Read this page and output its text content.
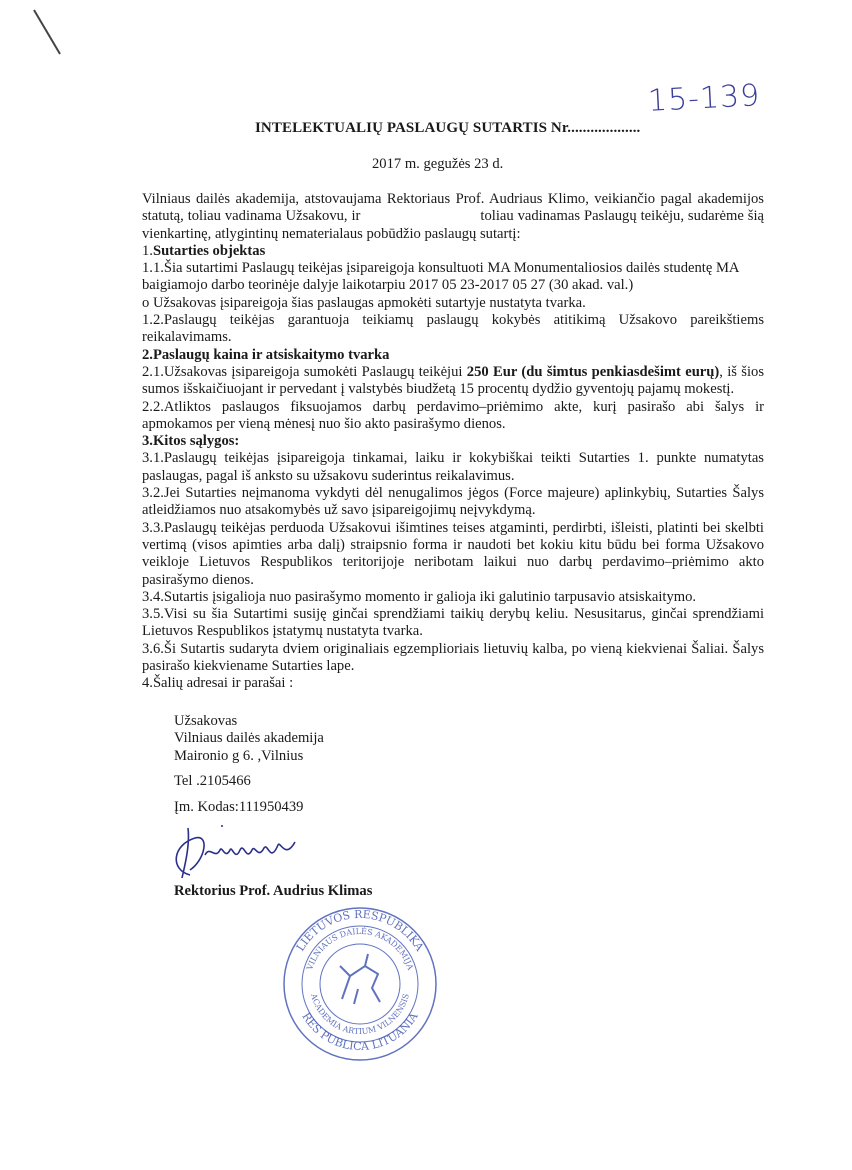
INTELEKTUALIŲ PASLAUGŲ SUTARTIS Nr...................
15-139
2017 m. gegužės 23 d.

Vilniaus dailės akademija, atstovaujama Rektoriaus Prof. Audriaus Klimo, veikiančio pagal akademijos statutą, toliau vadinama Užsakovu, ir	toliau vadinamas Paslaugų teikėju, sudarėme šią vienkartinę, atlygintinų nematerialaus pobūdžio paslaugų sutartį:

1.Sutarties objektas

1.1.Šia sutartimi Paslaugų teikėjas įsipareigoja konsultuoti MA Monumentaliosios dailės studentę MA baigiamojo darbo teorinėje dalyje laikotarpiu 2017 05 23-2017 05 27 (30 akad. val.)

o Užsakovas įsipareigoja šias paslaugas apmokėti sutartyje nustatyta tvarka.

1.2.Paslaugų teikėjas garantuoja teikiamų paslaugų kokybės atitikimą Užsakovo pareikštiems reikalavimams.

2.Paslaugų kaina ir atsiskaitymo tvarka

2.1.Užsakovas įsipareigoja sumokėti Paslaugų teikėjui 250 Eur (du šimtus penkiasdešimt eurų), iš šios sumos išskaičiuojant ir pervedant į valstybės biudžetą 15 procentų dydžio gyventojų pajamų mokestį.

2.2.Atliktos paslaugos fiksuojamos darbų perdavimo–priėmimo akte, kurį pasirašo abi šalys ir apmokamos per vieną mėnesį nuo šio akto pasirašymo dienos.

3.Kitos sąlygos:

3.1.Paslaugų teikėjas įsipareigoja tinkamai, laiku ir kokybiškai teikti Sutarties 1. punkte numatytas paslaugas, pagal iš anksto su užsakovu suderintus reikalavimus.

3.2.Jei Sutarties neįmanoma vykdyti dėl nenugalimos jėgos (Force majeure) aplinkybių, Sutarties Šalys atleidžiamos nuo atsakomybės už savo įsipareigojimų neįvykdymą.

3.3.Paslaugų teikėjas perduoda Užsakovui išimtines teises atgaminti, perdirbti, išleisti, platinti bei skelbti vertimą (visos apimties arba dalį) straipsnio forma ir naudoti bet kokiu kitu būdu bei forma Užsakovo veikloje Lietuvos Respublikos teritorijoje neribotam laikui nuo darbų perdavimo–priėmimo akto pasirašymo dienos.

3.4.Sutartis įsigalioja nuo pasirašymo momento ir galioja iki galutinio tarpusavio atsiskaitymo.

3.5.Visi su šia Sutartimi susiję ginčai sprendžiami taikių derybų keliu. Nesusitarus, ginčai sprendžiami Lietuvos Respublikos įstatymų nustatyta tvarka.

3.6.Ši Sutartis sudaryta dviem originaliais egzemplioriais lietuvių kalba, po vieną kiekvienai Šaliai. Šalys pasirašo kiekviename Sutarties lape.

4.Šalių adresai ir parašai :

Užsakovas
Vilniaus dailės akademija
Maironio g 6. ,Vilnius
Tel .2105466
Įm. Kodas:111950439
Rektorius Prof. Audrius Klimas
LIETUVOS RESPUBLIKA
VILNIAUS DAILĖS AKADEMIJA
RES PUBLICA LITUANIA
ACADEMIA ARTIUM VILNENSIS
